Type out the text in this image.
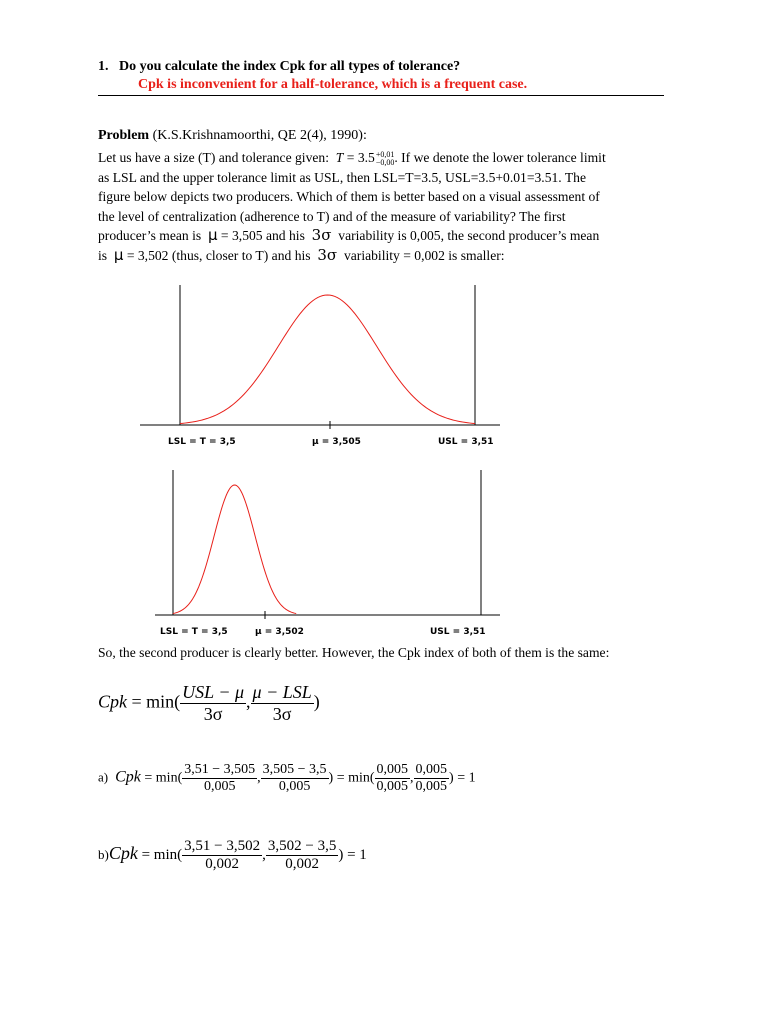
1. Do you calculate the index Cpk for all types of tolerance?
Cpk is inconvenient for a half-tolerance, which is a frequent case.
Problem (K.S.Krishnamoorthi, QE 2(4), 1990):
Let us have a size (T) and tolerance given: T = 3.5 +0,01
−0,00 . If we denote the lower tolerance limit
as LSL and the upper tolerance limit as USL, then LSL=T=3.5, USL=3.5+0.01=3.51. The
figure below depicts two producers. Which of them is better based on a visual assessment of
the level of centralization (adherence to T) and of the measure of variability? The first
producer’s mean is μ = 3,505 and his 3σ  variability is 0,005, the second producer’s mean
is μ = 3,502 (thus, closer to T) and his 3σ  variability = 0,002 is smaller:
LSL = T = 3,5	μ = 3,505	USL = 3,51
LSL = T = 3,5	μ = 3,502	USL = 3,51
So, the second producer is clearly better. However, the Cpk index of both of them is the same:
Cpk = $\min( \frac{\text{USL − μ}}{3\sigma}$ , $\frac{\text{μ − LSL}}{3\sigma}$ )
a) Cpk = $\min( \frac{3,51 - 3,505}{0,005}$ , $\frac{3,505 - 3,5}{0,005}$ ) = $\min( \frac{0,005}{0,005}$ , $\frac{0,005}{0,005}$ ) = 1
$b)Cpk = \min( \frac{3,51 - 3,502}{0,002}$ , $\frac{3,502 - 3,5}{0,002}$ ) = 1
